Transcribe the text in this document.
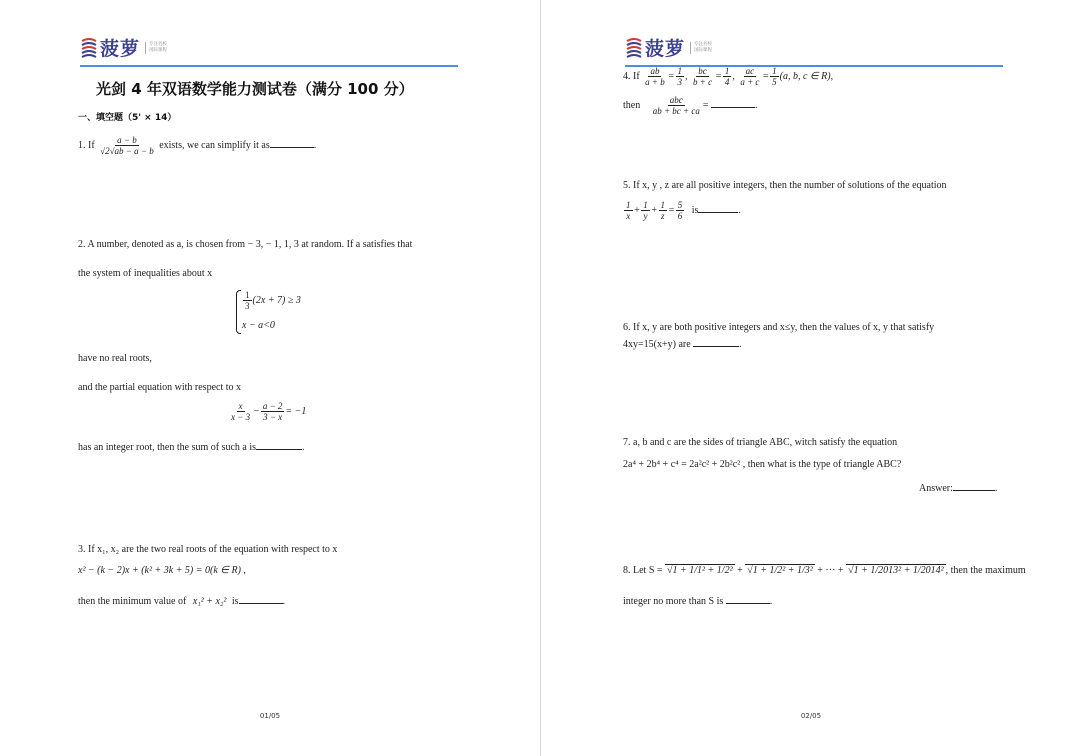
菠萝	专注名校
国际课程
光剑 4 年双语数学能力测试卷（满分 100 分）
一、填空题（5' × 14）
1. If $\frac{a - b}{√2√ab - a - b}$ exists, we can simplify it as	.
2. A number, denoted as a, is chosen from − 3, − 1, 1, 3 at random. If a satisfies that
the system of inequalities about x
$\frac{1}{3} (2x + 7) \ge 3$
x − a<0
have no real roots,
and the partial equation with respect to x
$\frac{x}{x - 3} - \frac{a - 2}{3 - x} = -1$
has an integer root, then the sum of such a is	.
3. If x₁, x₂ are the two real roots of the equation with respect to x
x² − (k − 2)x + (k² + 3k + 5) = 0(k ∈ R) ,
then the minimum value of x₁² + x₂² is	.
01/05
菠萝	专注名校
国际课程
4. If $\frac{ab}{a + b} = \frac{1}{3}$ , $\frac{bc}{b + c} = \frac{1}{4}$ , $\frac{ac}{a + c} = \frac{1}{5} (a$, b, c ∈ R),
then $\frac{\text{abc}}{ab + bc + ca}$ =	.
5. If x, y , z are all positive integers, then the number of solutions of the equation
$\frac{1}{x} + \frac{1}{y} + \frac{1}{z} = \frac{5}{6}$ is	.
6. If x, y are both positive integers and x≤y, then the values of x, y that satisfy
4xy=15(x+y) are	.
7. a, b and c are the sides of triangle ABC, witch satisfy the equation
2a⁴ + 2b⁴ + c⁴ = 2a²c² + 2b²c² , then what is the type of triangle ABC?
Answer:	.
8. Let S = √1 + 1/1² + 1/2² + √1 + 1/2² + 1/3² + ··· + √1 + 1/2013² + 1/2014² , then the maximum
integer no more than S is	.
02/05
